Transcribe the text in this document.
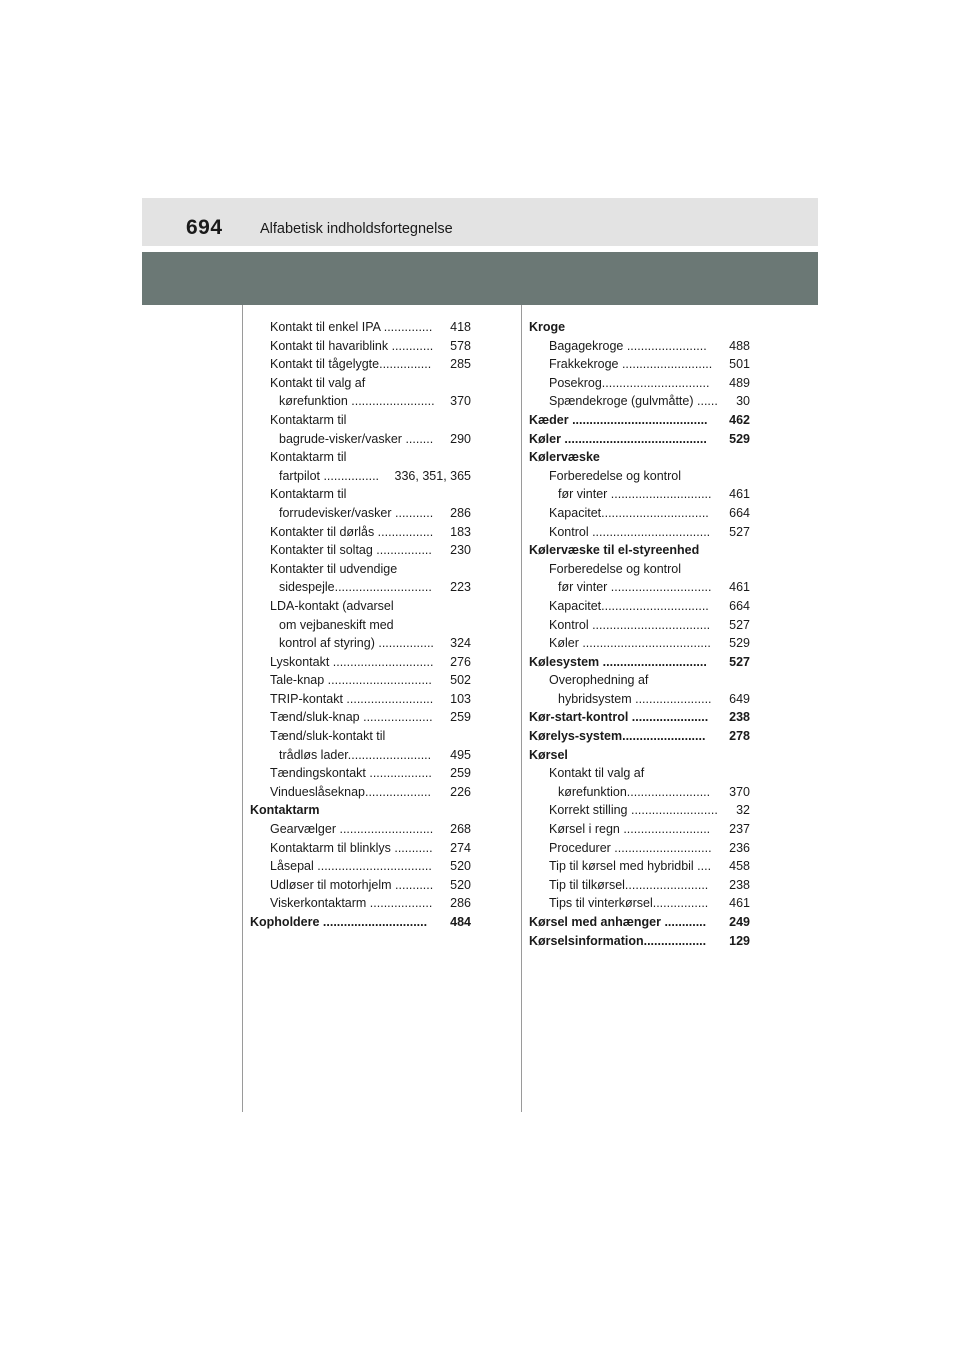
694	Alfabetisk indholdsfortegnelse
Kontakt til enkel IPA .............. 418
Kontakt til havariblink ............ 578
Kontakt til tågelygte............... 285
Kontakt til valg af
kørefunktion ........................ 370
Kontaktarm til
bagrude-visker/vasker ........ 290
Kontaktarm til
fartpilot ................ 336, 351, 365
Kontaktarm til
forrudevisker/vasker ........... 286
Kontakter til dørlås ................ 183
Kontakter til soltag ................ 230
Kontakter til udvendige
sidespejle............................ 223
LDA-kontakt (advarsel
om vejbaneskift med
kontrol af styring) ................ 324
Lyskontakt ............................. 276
Tale-knap .............................. 502
TRIP-kontakt ......................... 103
Tænd/sluk-knap .................... 259
Tænd/sluk-kontakt til
trådløs lader........................ 495
Tændingskontakt .................. 259
Vindueslåseknap................... 226
Kontaktarm
Gearvælger ........................... 268
Kontaktarm til blinklys ........... 274
Låsepal ................................. 520
Udløser til motorhjelm ........... 520
Viskerkontaktarm .................. 286
Kopholdere .............................. 484
Kroge
Bagagekroge ....................... 488
Frakkekroge .......................... 501
Posekrog............................... 489
Spændekroge (gulvmåtte) ...... 30
Kæder ....................................... 462
Køler ......................................... 529
Kølervæske
Forberedelse og kontrol
før vinter ............................. 461
Kapacitet............................... 664
Kontrol .................................. 527
Kølervæske til el-styreenhed
Forberedelse og kontrol
før vinter ............................. 461
Kapacitet............................... 664
Kontrol .................................. 527
Køler ..................................... 529
Kølesystem .............................. 527
Overophedning af
hybridsystem ...................... 649
Kør-start-kontrol ...................... 238
Kørelys-system........................ 278
Kørsel
Kontakt til valg af
kørefunktion........................ 370
Korrekt stilling ......................... 32
Kørsel i regn ......................... 237
Procedurer ............................ 236
Tip til kørsel med hybridbil .... 458
Tip til tilkørsel........................ 238
Tips til vinterkørsel................ 461
Kørsel med anhænger ............ 249
Kørselsinformation.................. 129
